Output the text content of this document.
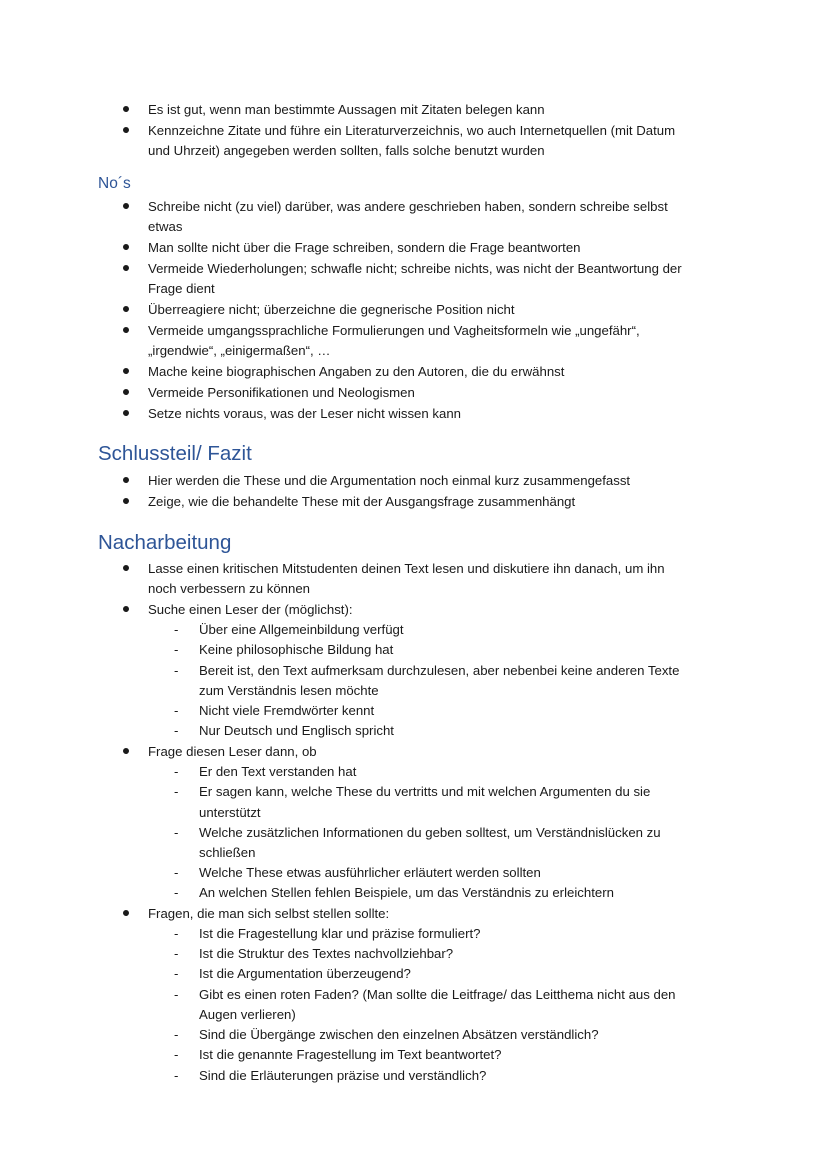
Es ist gut, wenn man bestimmte Aussagen mit Zitaten belegen kann
Kennzeichne Zitate und führe ein Literaturverzeichnis, wo auch Internetquellen (mit Datum
und Uhrzeit) angegeben werden sollten, falls solche benutzt wurden
No´s
Schreibe nicht (zu viel) darüber, was andere geschrieben haben, sondern schreibe selbst
etwas
Man sollte nicht über die Frage schreiben, sondern die Frage beantworten
Vermeide Wiederholungen; schwafle nicht; schreibe nichts, was nicht der Beantwortung der
Frage dient
Überreagiere nicht; überzeichne die gegnerische Position nicht
Vermeide umgangssprachliche Formulierungen und Vagheitsformeln wie „ungefähr“,
„irgendwie“, „einigermaßen“, …
Mache keine biographischen Angaben zu den Autoren, die du erwähnst
Vermeide Personifikationen und Neologismen
Setze nichts voraus, was der Leser nicht wissen kann
Schlussteil/ Fazit
Hier werden die These und die Argumentation noch einmal kurz zusammengefasst
Zeige, wie die behandelte These mit der Ausgangsfrage zusammenhängt
Nacharbeitung
Lasse einen kritischen Mitstudenten deinen Text lesen und diskutiere ihn danach, um ihn
noch verbessern zu können
Suche einen Leser der (möglichst):
- Über eine Allgemeinbildung verfügt
- Keine philosophische Bildung hat
- Bereit ist, den Text aufmerksam durchzulesen, aber nebenbei keine anderen Texte
zum Verständnis lesen möchte
- Nicht viele Fremdwörter kennt
- Nur Deutsch und Englisch spricht
Frage diesen Leser dann, ob
- Er den Text verstanden hat
- Er sagen kann, welche These du vertritts und mit welchen Argumenten du sie
unterstützt
- Welche zusätzlichen Informationen du geben solltest, um Verständnislücken zu
schließen
- Welche These etwas ausführlicher erläutert werden sollten
- An welchen Stellen fehlen Beispiele, um das Verständnis zu erleichtern
Fragen, die man sich selbst stellen sollte:
- Ist die Fragestellung klar und präzise formuliert?
- Ist die Struktur des Textes nachvollziehbar?
- Ist die Argumentation überzeugend?
- Gibt es einen roten Faden? (Man sollte die Leitfrage/ das Leitthema nicht aus den
Augen verlieren)
- Sind die Übergänge zwischen den einzelnen Absätzen verständlich?
- Ist die genannte Fragestellung im Text beantwortet?
- Sind die Erläuterungen präzise und verständlich?
